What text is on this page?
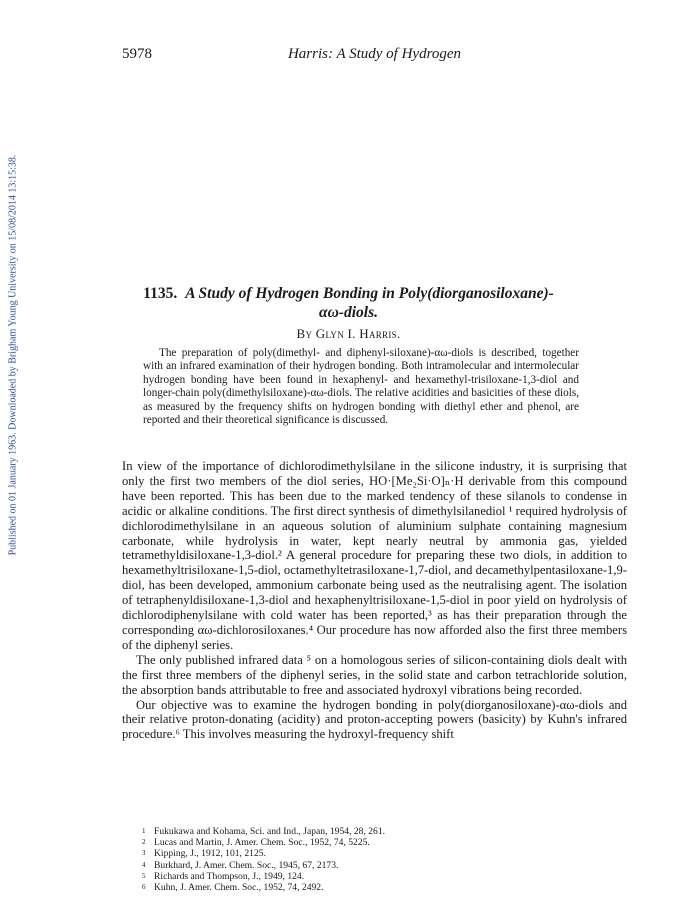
Published on 01 January 1963. Downloaded by Brigham Young University on 15/08/2014 13:15:38.
5978	Harris: A Study of Hydrogen
1135. A Study of Hydrogen Bonding in Poly(diorganosiloxane)-
αω-diols.
By Glyn I. Harris.

The preparation of poly(dimethyl- and diphenyl-siloxane)-αω-diols is described, together with an infrared examination of their hydrogen bonding. Both intramolecular and intermolecular hydrogen bonding have been found in hexaphenyl- and hexamethyl-trisiloxane-1,3-diol and longer-chain poly(dimethylsiloxane)-αω-diols. The relative acidities and basicities of these diols, as measured by the frequency shifts on hydrogen bonding with diethyl ether and phenol, are reported and their theoretical significance is discussed.

In view of the importance of dichlorodimethylsilane in the silicone industry, it is surprising that only the first two members of the diol series, HO·[Me₂Si·O]ₙ·H derivable from this compound have been reported. This has been due to the marked tendency of these silanols to condense in acidic or alkaline conditions. The first direct synthesis of dimethylsilanediol ¹ required hydrolysis of dichlorodimethylsilane in an aqueous solution of aluminium sulphate containing magnesium carbonate, while hydrolysis in water, kept nearly neutral by ammonia gas, yielded tetramethyldisiloxane-1,3-diol.² A general procedure for preparing these two diols, in addition to hexamethyltrisiloxane-1,5-diol, octamethyltetrasiloxane-1,7-diol, and decamethylpentasiloxane-1,9-diol, has been developed, ammonium carbonate being used as the neutralising agent. The isolation of tetraphenyldisiloxane-1,3-diol and hexaphenyltrisiloxane-1,5-diol in poor yield on hydrolysis of dichlorodiphenylsilane with cold water has been reported,³ as has their preparation through the corresponding αω-dichlorosiloxanes.⁴ Our procedure has now afforded also the first three members of the diphenyl series.

The only published infrared data ⁵ on a homologous series of silicon-containing diols dealt with the first three members of the diphenyl series, in the solid state and carbon tetrachloride solution, the absorption bands attributable to free and associated hydroxyl vibrations being recorded.

Our objective was to examine the hydrogen bonding in poly(diorganosiloxane)-αω-diols and their relative proton-donating (acidity) and proton-accepting powers (basicity) by Kuhn's infrared procedure.⁶ This involves measuring the hydroxyl-frequency shift

1 Fukukawa and Kohama, Sci. and Ind., Japan, 1954, 28, 261.
2 Lucas and Martin, J. Amer. Chem. Soc., 1952, 74, 5225.
3 Kipping, J., 1912, 101, 2125.
4 Burkhard, J. Amer. Chem. Soc., 1945, 67, 2173.
5 Richards and Thompson, J., 1949, 124.
6 Kuhn, J. Amer. Chem. Soc., 1952, 74, 2492.
